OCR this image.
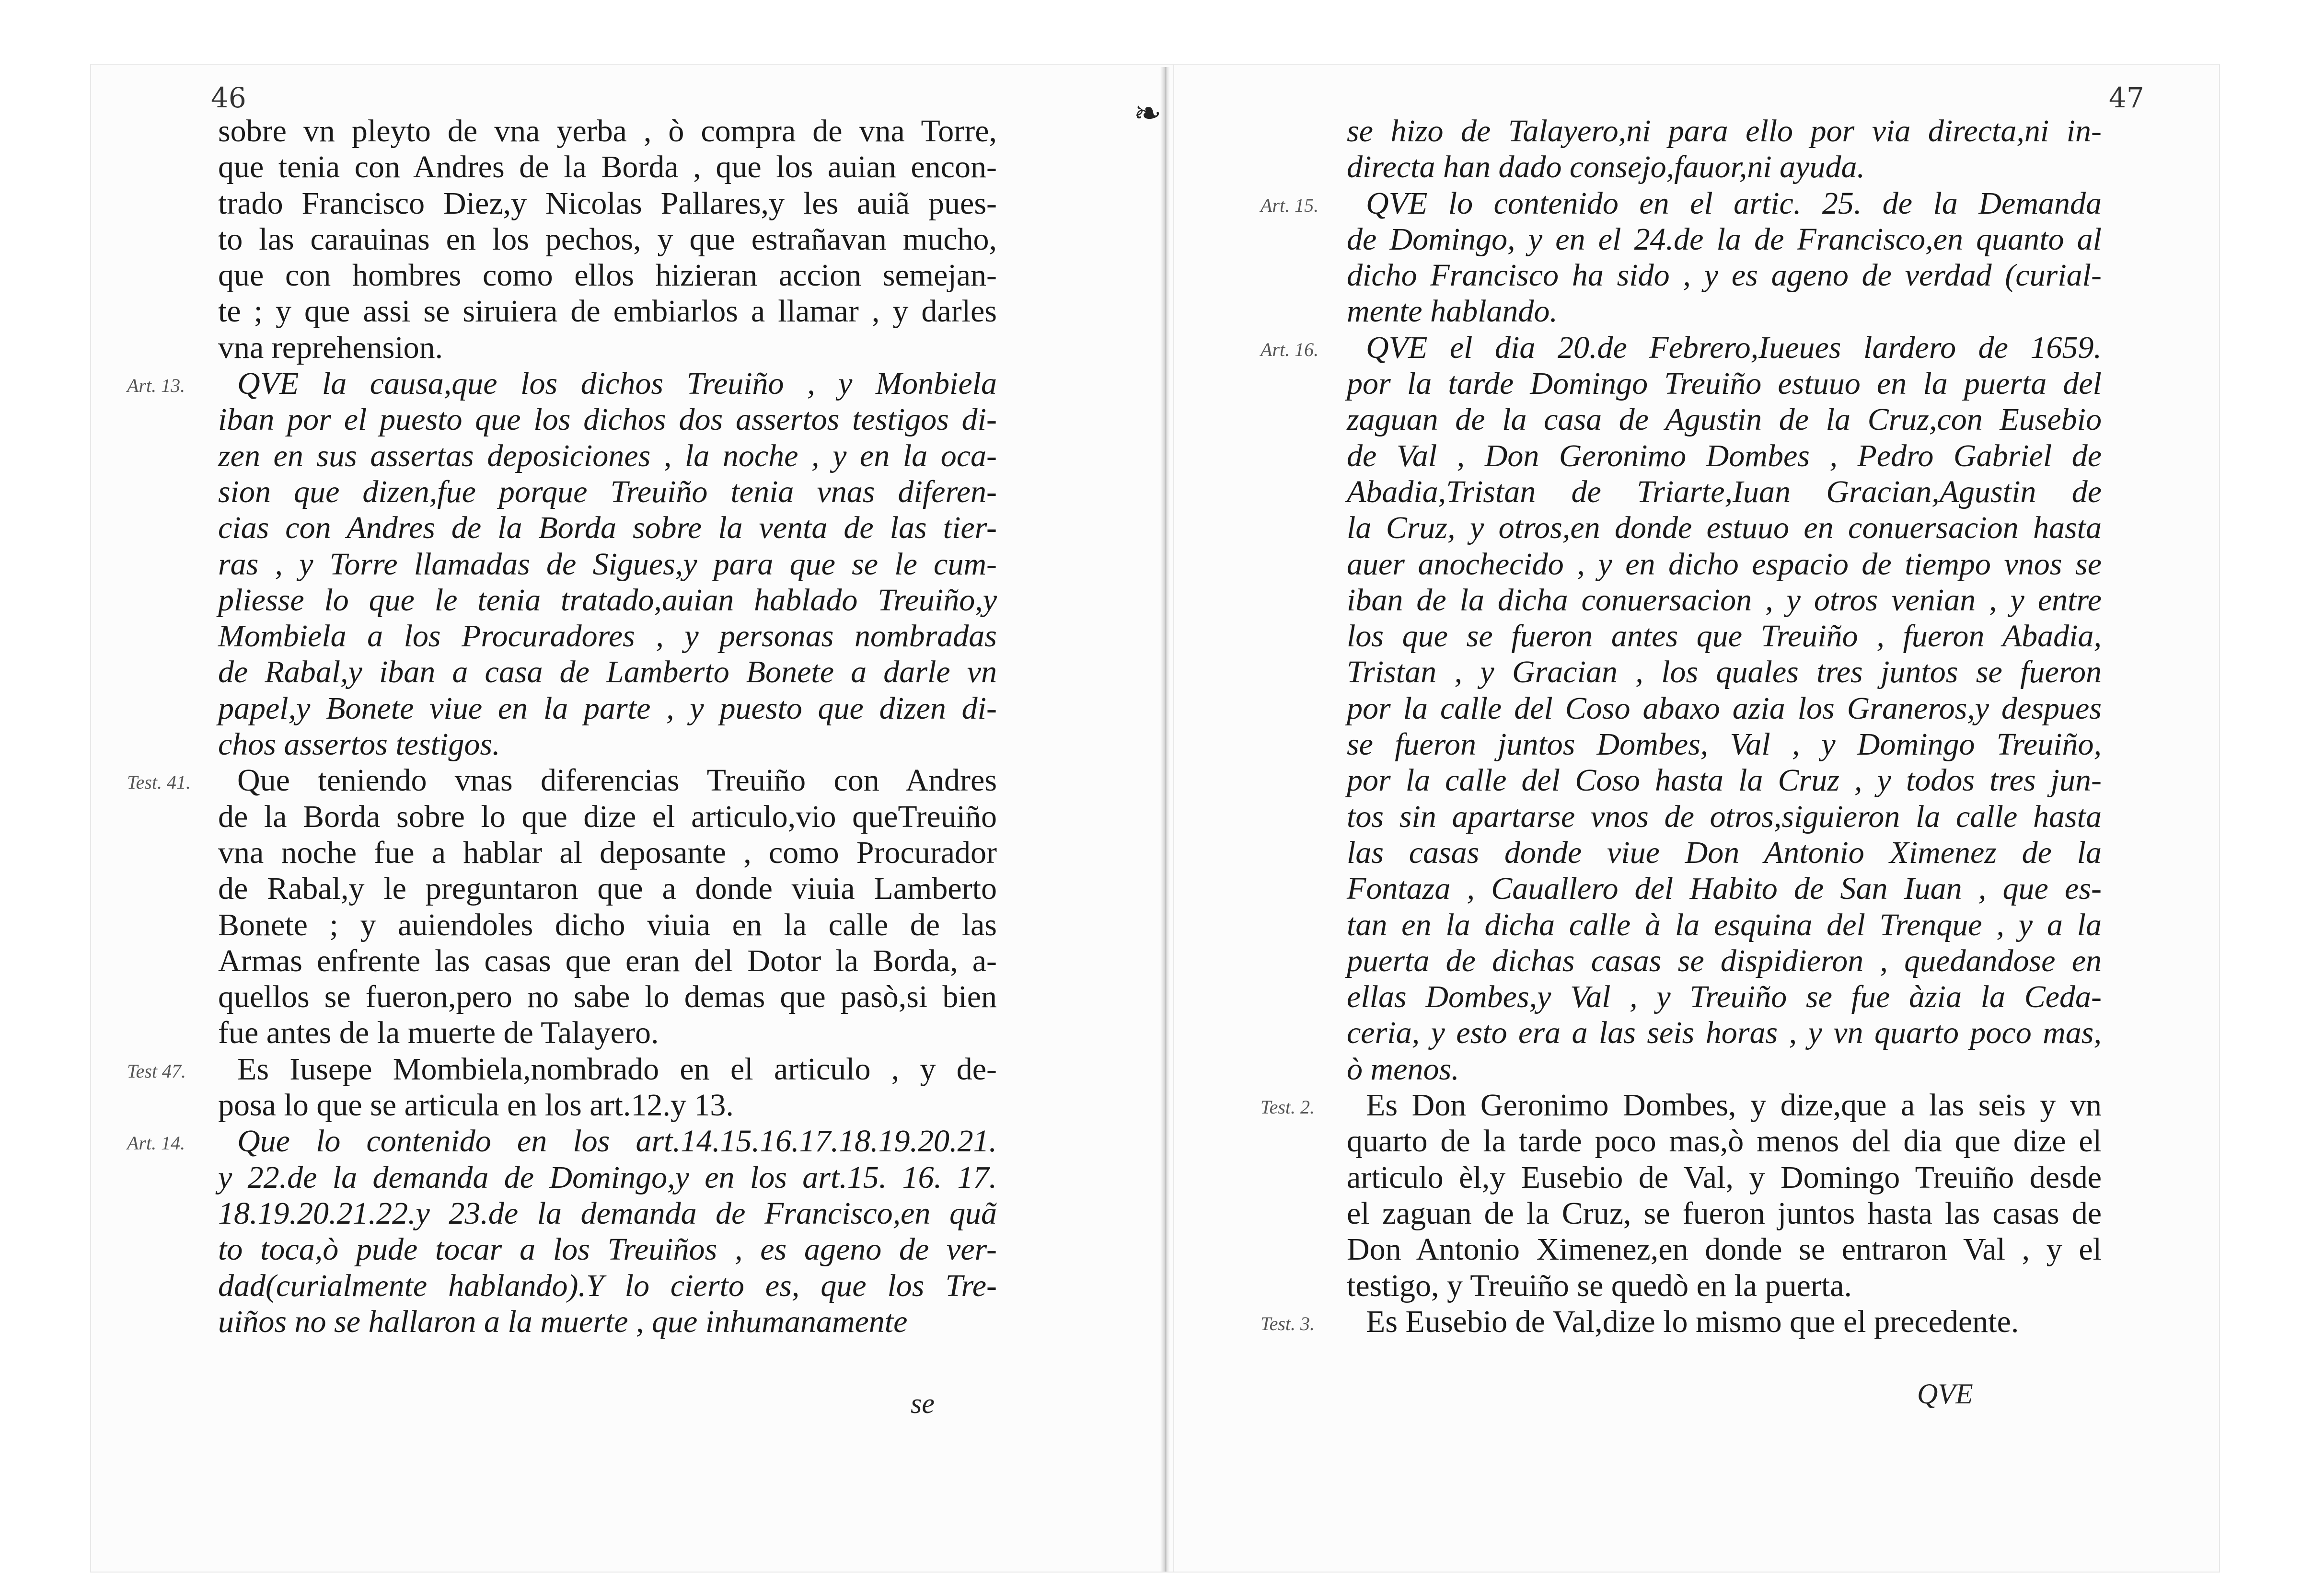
❧
46
sobre vn pleyto de vna yerba , ò compra de vna Torre,
que tenia con Andres de la Borda , que los auian encon-
trado Francisco Diez,y Nicolas Pallares,y les auiã pues-
to las carauinas en los pechos, y que estrañavan mucho,
que con hombres como ellos hizieran accion semejan-
te ; y que assi se siruiera de embiarlos a llamar , y darles
vna reprehension.
QVE la causa,que los dichos Treuiño , y Monbiela
iban por el puesto que los dichos dos assertos testigos di-
zen en sus assertas deposiciones , la noche , y en la oca-
sion que dizen,fue porque Treuiño tenia vnas diferen-
cias con Andres de la Borda sobre la venta de las tier-
ras , y Torre llamadas de Sigues,y para que se le cum-
pliesse lo que le tenia tratado,auian hablado Treuiño,y
Mombiela a los Procuradores , y personas nombradas
de Rabal,y iban a casa de Lamberto Bonete a darle vn
papel,y Bonete viue en la parte , y puesto que dizen di-
chos assertos testigos.
Que teniendo vnas diferencias Treuiño con Andres
de la Borda sobre lo que dize el articulo,vio queTreuiño
vna noche fue a hablar al deposante , como Procurador
de Rabal,y le preguntaron que a donde viuia Lamberto
Bonete ; y auiendoles dicho viuia en la calle de las
Armas enfrente las casas que eran del Dotor la Borda, a-
quellos se fueron,pero no sabe lo demas que pasò,si bien
fue antes de la muerte de Talayero.
Es Iusepe Mombiela,nombrado en el articulo , y de-
posa lo que se articula en los art.12.y 13.
Que lo contenido en los art.14.15.16.17.18.19.20.21.
y 22.de la demanda de Domingo,y en los art.15. 16. 17.
18.19.20.21.22.y 23.de la demanda de Francisco,en quã
to toca,ò pude tocar a los Treuiños , es ageno de ver-
dad(curialmente hablando).Y lo cierto es, que los Tre-
uiños no se hallaron a la muerte , que inhumanamente
Art. 13.
Test. 41.
Test 47.
Art. 14.
se
47
se hizo de Talayero,ni para ello por via directa,ni in-
directa han dado consejo,fauor,ni ayuda.
QVE lo contenido en el artic. 25. de la Demanda
de Domingo, y en el 24.de la de Francisco,en quanto al
dicho Francisco ha sido , y es ageno de verdad (curial-
mente hablando.
QVE el dia 20.de Febrero,Iueues lardero de 1659.
por la tarde Domingo Treuiño estuuo en la puerta del
zaguan de la casa de Agustin de la Cruz,con Eusebio
de Val , Don Geronimo Dombes , Pedro Gabriel de
Abadia,Tristan de Triarte,Iuan Gracian,Agustin de
la Cruz, y otros,en donde estuuo en conuersacion hasta
auer anochecido , y en dicho espacio de tiempo vnos se
iban de la dicha conuersacion , y otros venian , y entre
los que se fueron antes que Treuiño , fueron Abadia,
Tristan , y Gracian , los quales tres juntos se fueron
por la calle del Coso abaxo azia los Graneros,y despues
se fueron juntos Dombes, Val , y Domingo Treuiño,
por la calle del Coso hasta la Cruz , y todos tres jun-
tos sin apartarse vnos de otros,siguieron la calle hasta
las casas donde viue Don Antonio Ximenez de la
Fontaza , Cauallero del Habito de San Iuan , que es-
tan en la dicha calle à la esquina del Trenque , y a la
puerta de dichas casas se dispidieron , quedandose en
ellas Dombes,y Val , y Treuiño se fue àzia la Ceda-
ceria, y esto era a las seis horas , y vn quarto poco mas,
ò menos.
Es Don Geronimo Dombes, y dize,que a las seis y vn
quarto de la tarde poco mas,ò menos del dia que dize el
articulo èl,y Eusebio de Val, y Domingo Treuiño desde
el zaguan de la Cruz, se fueron juntos hasta las casas de
Don Antonio Ximenez,en donde se entraron Val , y el
testigo, y Treuiño se quedò en la puerta.
Es Eusebio de Val,dize lo mismo que el precedente.
Art. 15.
Art. 16.
Test. 2.
Test. 3.
QVE
